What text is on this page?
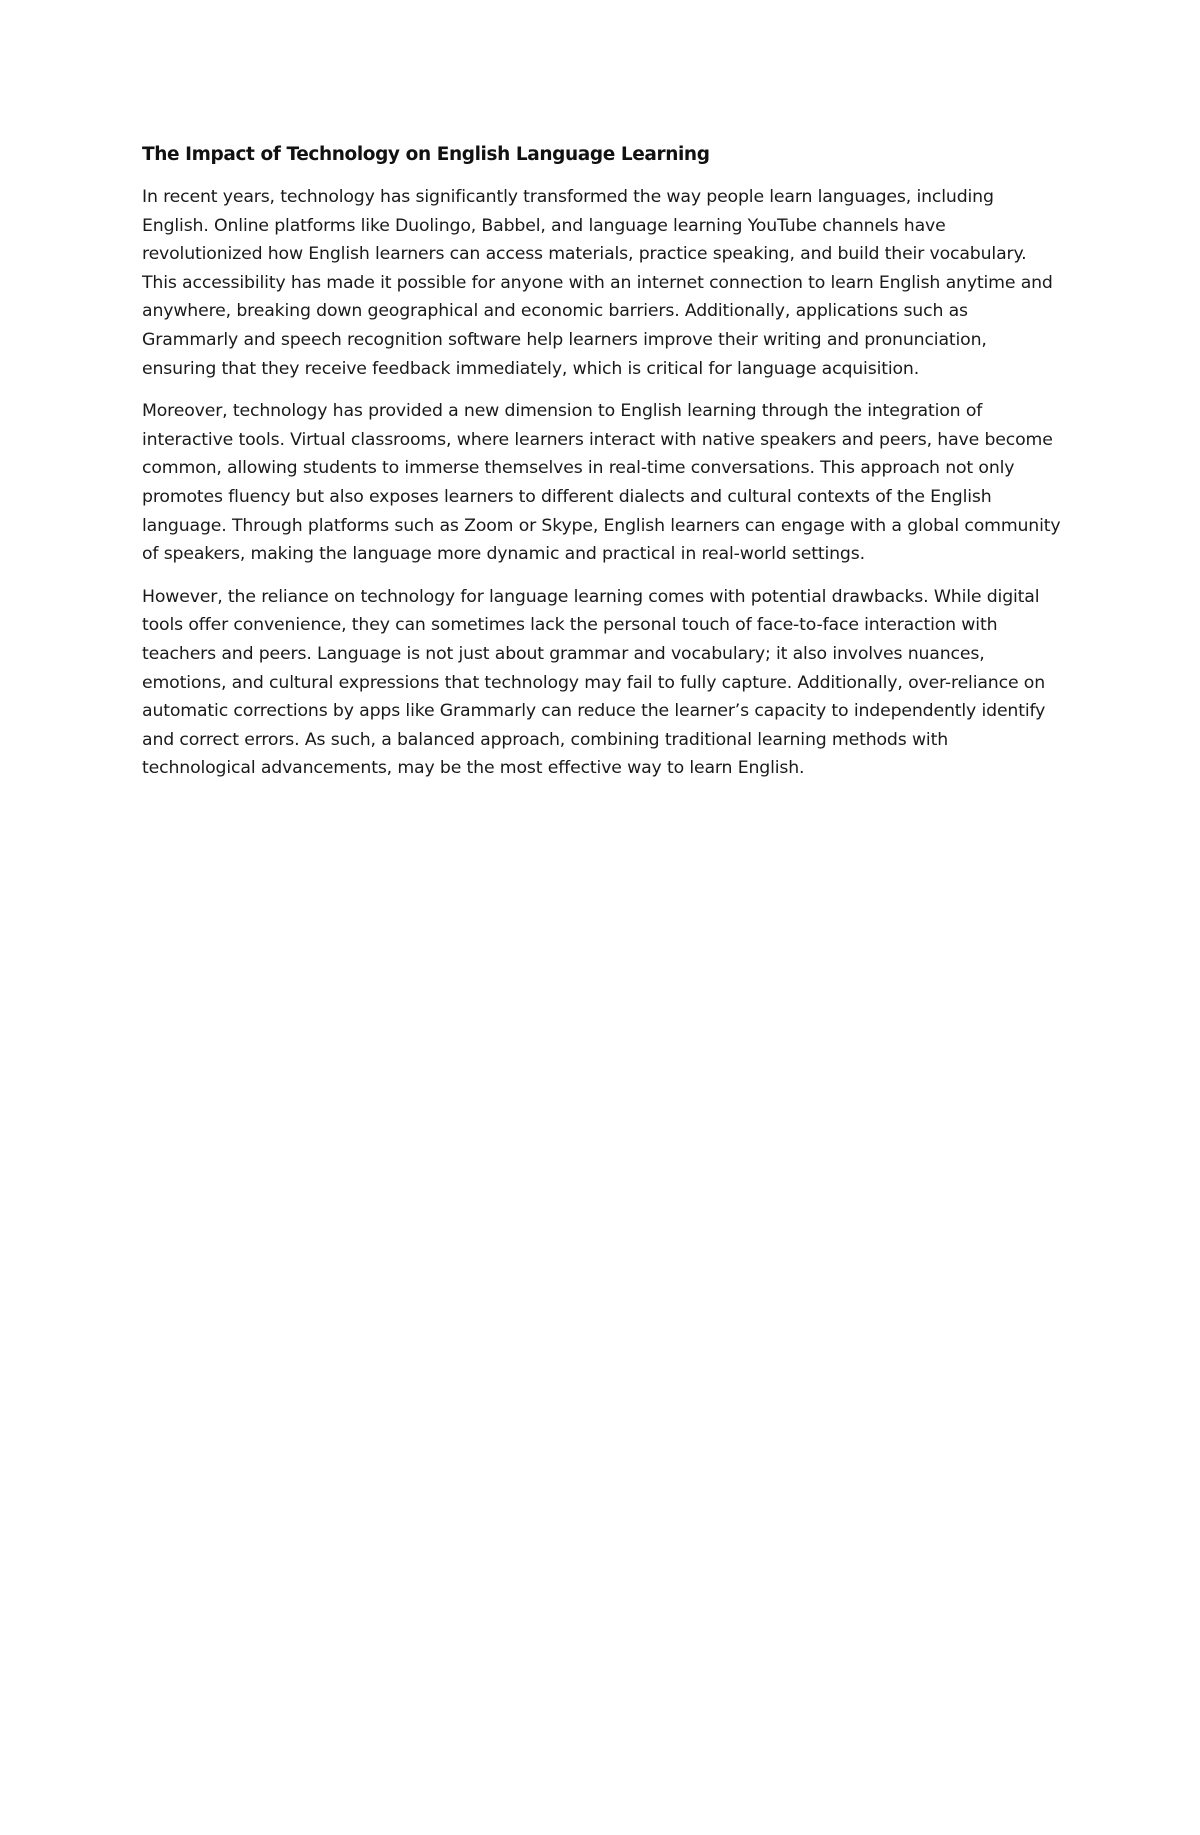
The Impact of Technology on English Language Learning

In recent years, technology has significantly transformed the way people learn languages, including English. Online platforms like Duolingo, Babbel, and language learning YouTube channels have revolutionized how English learners can access materials, practice speaking, and build their vocabulary. This accessibility has made it possible for anyone with an internet connection to learn English anytime and anywhere, breaking down geographical and economic barriers. Additionally, applications such as Grammarly and speech recognition software help learners improve their writing and pronunciation, ensuring that they receive feedback immediately, which is critical for language acquisition.

Moreover, technology has provided a new dimension to English learning through the integration of interactive tools. Virtual classrooms, where learners interact with native speakers and peers, have become common, allowing students to immerse themselves in real-time conversations. This approach not only promotes fluency but also exposes learners to different dialects and cultural contexts of the English language. Through platforms such as Zoom or Skype, English learners can engage with a global community of speakers, making the language more dynamic and practical in real-world settings.

However, the reliance on technology for language learning comes with potential drawbacks. While digital tools offer convenience, they can sometimes lack the personal touch of face-to-face interaction with teachers and peers. Language is not just about grammar and vocabulary; it also involves nuances, emotions, and cultural expressions that technology may fail to fully capture. Additionally, over-reliance on automatic corrections by apps like Grammarly can reduce the learner’s capacity to independently identify and correct errors. As such, a balanced approach, combining traditional learning methods with technological advancements, may be the most effective way to learn English.
